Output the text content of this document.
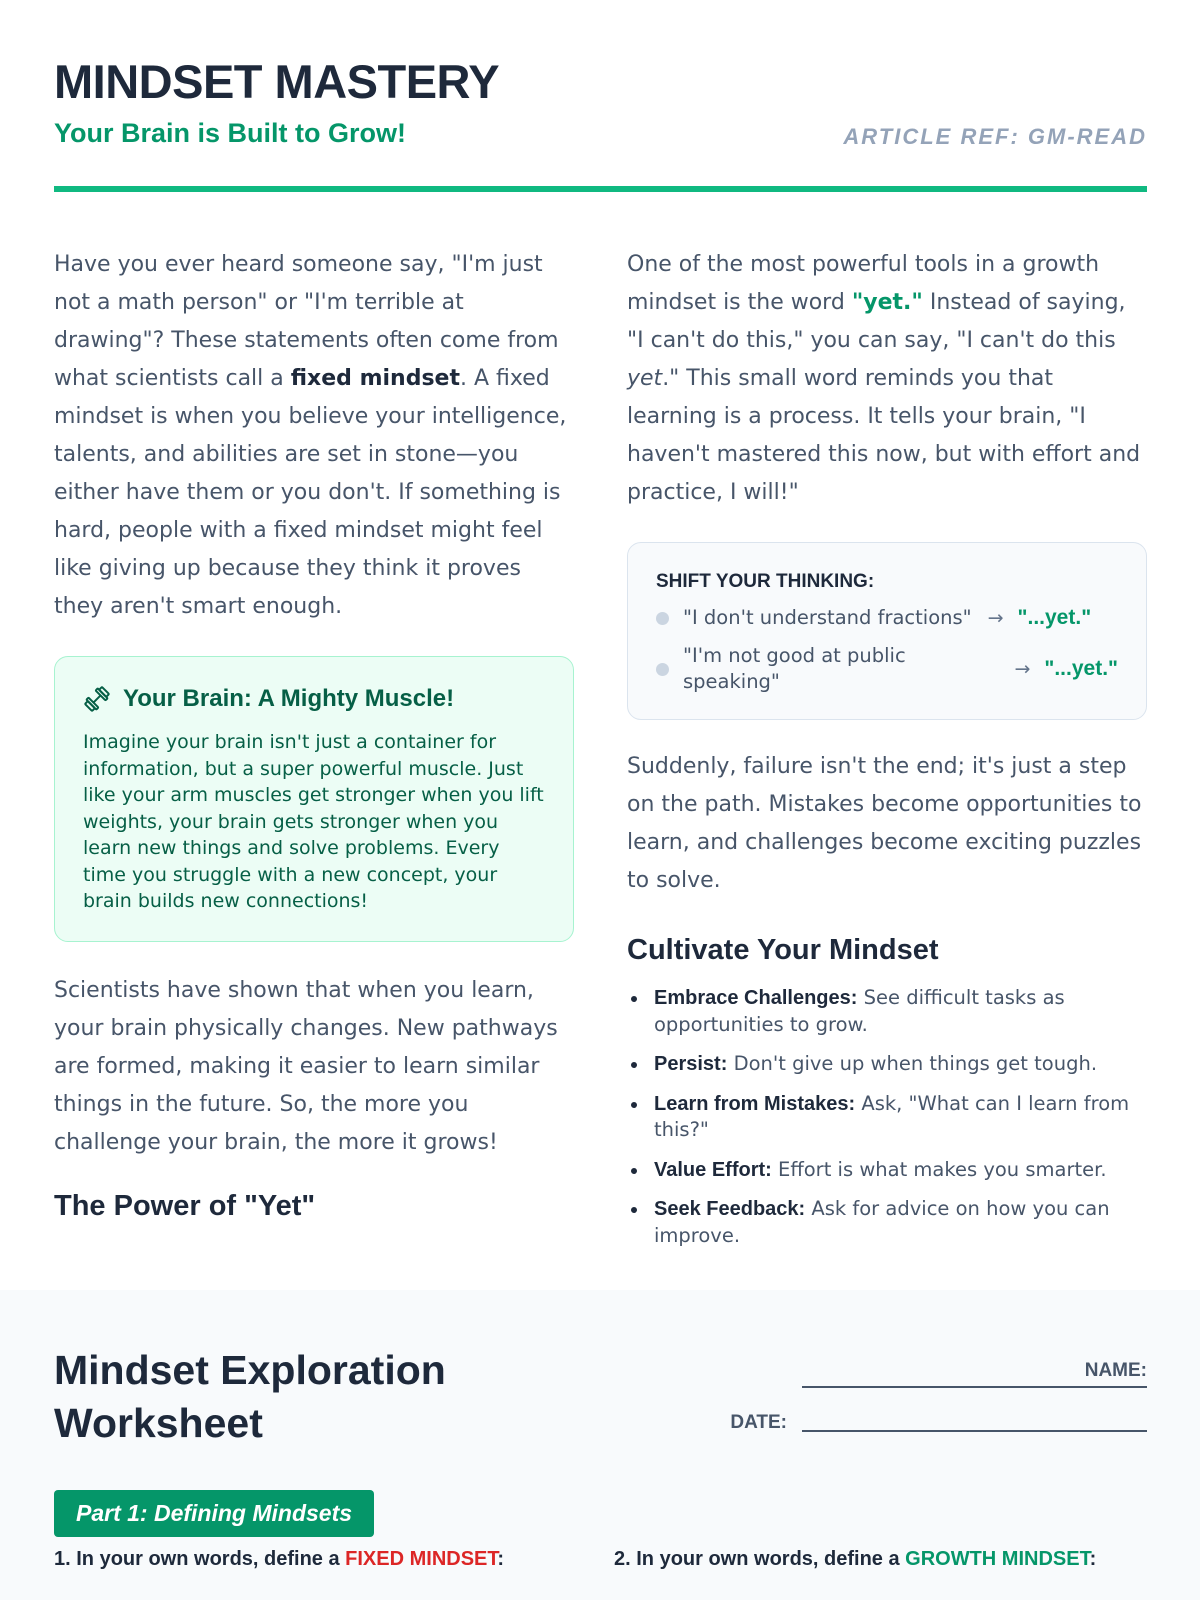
MINDSET MASTERY
Your Brain is Built to Grow!	ARTICLE REF: GM-READ

Have you ever heard someone say, "I'm just not a math person" or "I'm terrible at drawing"? These statements often come from what scientists call a fixed mindset. A fixed mindset is when you believe your intelligence, talents, and abilities are set in stone—you either have them or you don't. If something is hard, people with a fixed mindset might feel like giving up because they think it proves they aren't smart enough.

Your Brain: A Mighty Muscle!

Imagine your brain isn't just a container for information, but a super powerful muscle. Just like your arm muscles get stronger when you lift weights, your brain gets stronger when you learn new things and solve problems. Every time you struggle with a new concept, your brain builds new connections!

Scientists have shown that when you learn, your brain physically changes. New pathways are formed, making it easier to learn similar things in the future. So, the more you challenge your brain, the more it grows!

The Power of "Yet"

One of the most powerful tools in a growth mindset is the word "yet." Instead of saying, "I can't do this," you can say, "I can't do this yet." This small word reminds you that learning is a process. It tells your brain, "I haven't mastered this now, but with effort and practice, I will!"

SHIFT YOUR THINKING:
"I don't understand fractions" → "...yet."
"I'm not good at public speaking"
→ "...yet."

Suddenly, failure isn't the end; it's just a step on the path. Mistakes become opportunities to learn, and challenges become exciting puzzles to solve.

Cultivate Your Mindset
Embrace Challenges: See difficult tasks as opportunities to grow.
Persist: Don't give up when things get tough.
Learn from Mistakes: Ask, "What can I learn from this?"
Value Effort: Effort is what makes you smarter.
Seek Feedback: Ask for advice on how you can improve.
Mindset Exploration Worksheet
NAME:
DATE:
Part 1: Defining Mindsets
1. In your own words, define a FIXED MINDSET:	2. In your own words, define a GROWTH MINDSET:
